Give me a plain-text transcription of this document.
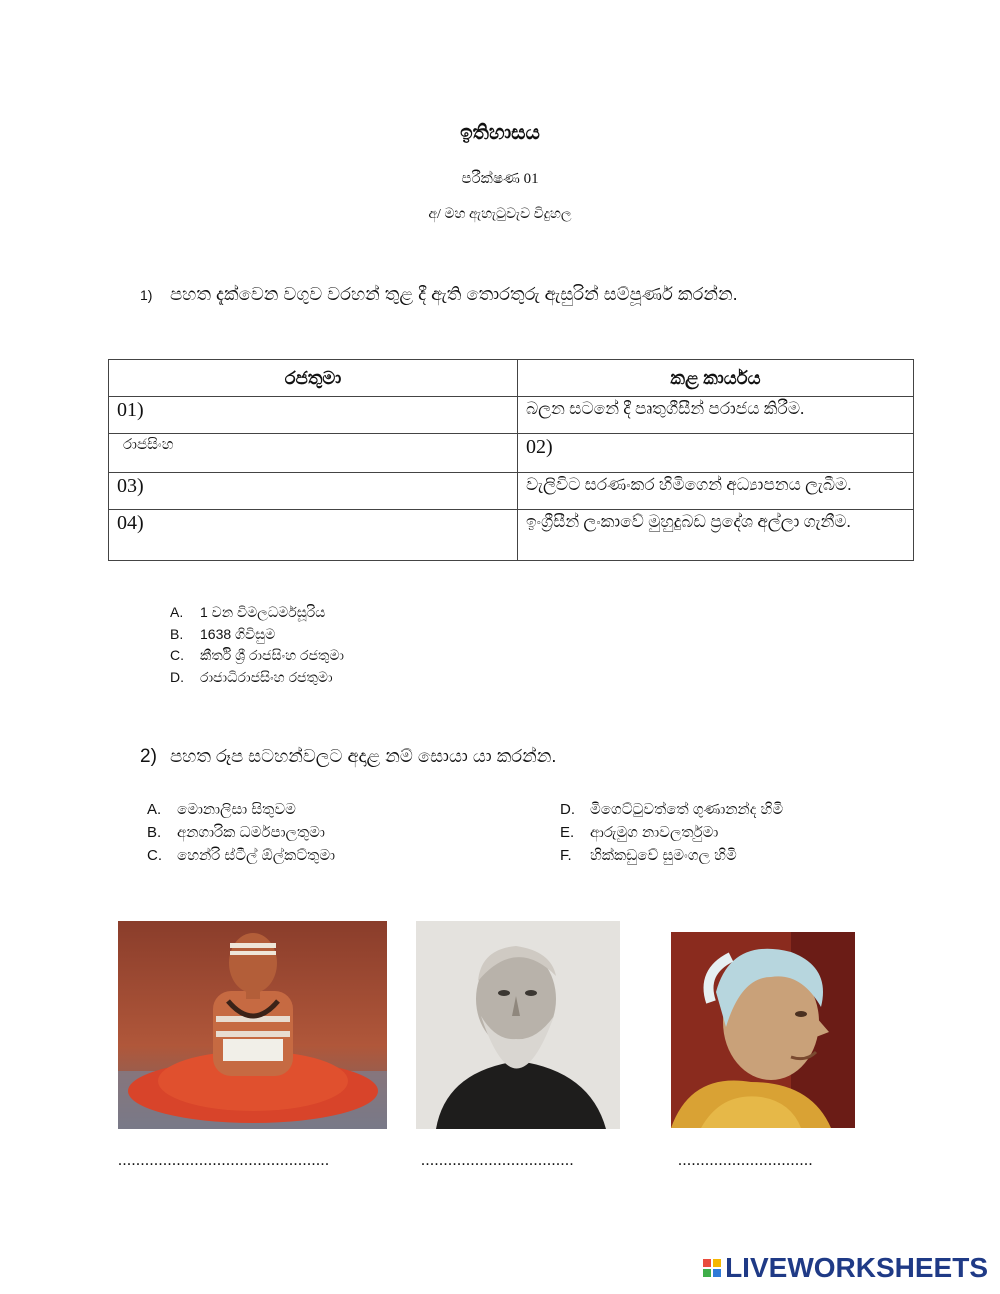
ඉතිහාසය
පරීක්ෂණ 01
අ/ මහ ඇහැටුවැව විදුහල
1) පහත දැක්වෙන වගුව වරහන් තුළ දී ඇති තොරතුරු ඇසුරින් සම්පූර්ණ කරන්න.
රජතුමා	කළ කාර්යය
01)	බලන සටනේ දී පෘතුගීසීන් පරාජය කිරීම.
රාජසිංහ	02)
03)	වැලිවිට සරණංකර හිමිගෙන් අධ්‍යාපනය ලැබීම.
04)	ඉංග්‍රීසීන් ලංකාවේ මුහුදුබඩ ප්‍රදේශ අල්ලා ගැනීම.
A. 1 වන විමලධර්මසූරිය
B. 1638 ගිවිසුම
C. කීර්ති ශ්‍රී රාජසිංහ රජතුමා
D. රාජාධිරාජසිංහ රජතුමා
2) පහත රූප සටහන්වලට අදාළ නම් සොයා යා කරන්න.
A. මොනාලිසා සිතුවම
B. අනගාරික ධර්මපාලතුමා
C. හෙන්රි ස්ටීල් ඕල්කට්තුමා
D. මිගෙට්ටුවත්තේ ගුණානන්ද හිමි
E. ආරුමුග නාවලර්තුමා
F. හික්කඩුවේ සුමංගල හිමි
...............................................	..................................	..............................
LIVEWORKSHEETS
